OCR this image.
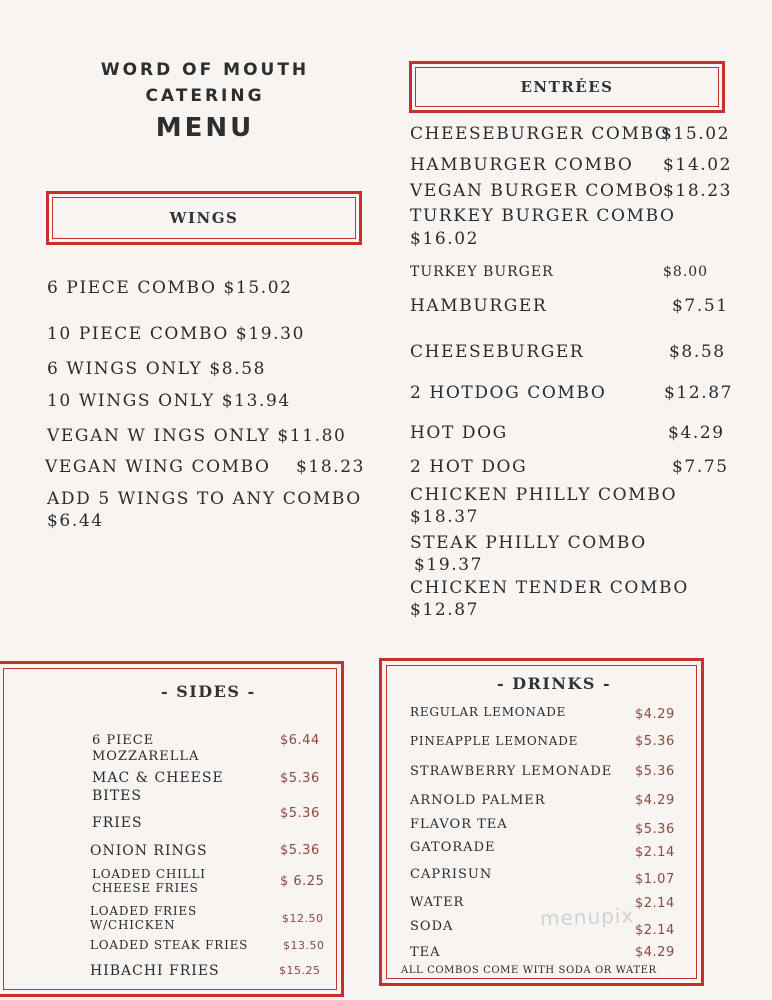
WORD OF MOUTH
CATERING
MENU
WINGS
6 PIECE COMBO $15.02
10 PIECE COMBO $19.30
6 WINGS ONLY $8.58
10 WINGS ONLY $13.94
VEGAN W INGS ONLY $11.80
VEGAN WING COMBO $18.23
ADD 5 WINGS TO ANY COMBO
$6.44
ENTRÉES
CHEESEBURGER COMBO
$15.02
HAMBURGER COMBO $14.02
VEGAN BURGER COMBO
$18.23
TURKEY BURGER COMBO
$16.02
TURKEY BURGER	$8.00
HAMBURGER	$7.51
CHEESEBURGER	$8.58
2 HOTDOG COMBO	$12.87
HOT DOG	$4.29
2 HOT DOG	$7.75
CHICKEN PHILLY COMBO
$18.37
STEAK PHILLY COMBO
$19.37
CHICKEN TENDER COMBO
$12.87
- SIDES -
6 PIECE
MOZZARELLA
$6.44
MAC & CHEESE
BITES
$5.36
FRIES
$5.36
ONION RINGS	$5.36
LOADED CHILLI
CHEESE FRIES	$ 6.25
LOADED FRIES
W/CHICKEN	$12.50
LOADED STEAK FRIES	$13.50
HIBACHI FRIES	$15.25
- DRINKS -
REGULAR LEMONADE	$4.29
PINEAPPLE LEMONADE	$5.36
STRAWBERRY LEMONADE $5.36
ARNOLD PALMER	$4.29
FLAVOR TEA	$5.36
GATORADE	$2.14
CAPRISUN	$1.07
WATER	$2.14
SODA	$2.14
TEA	$4.29
ALL COMBOS COME WITH SODA OR WATER
menupix
